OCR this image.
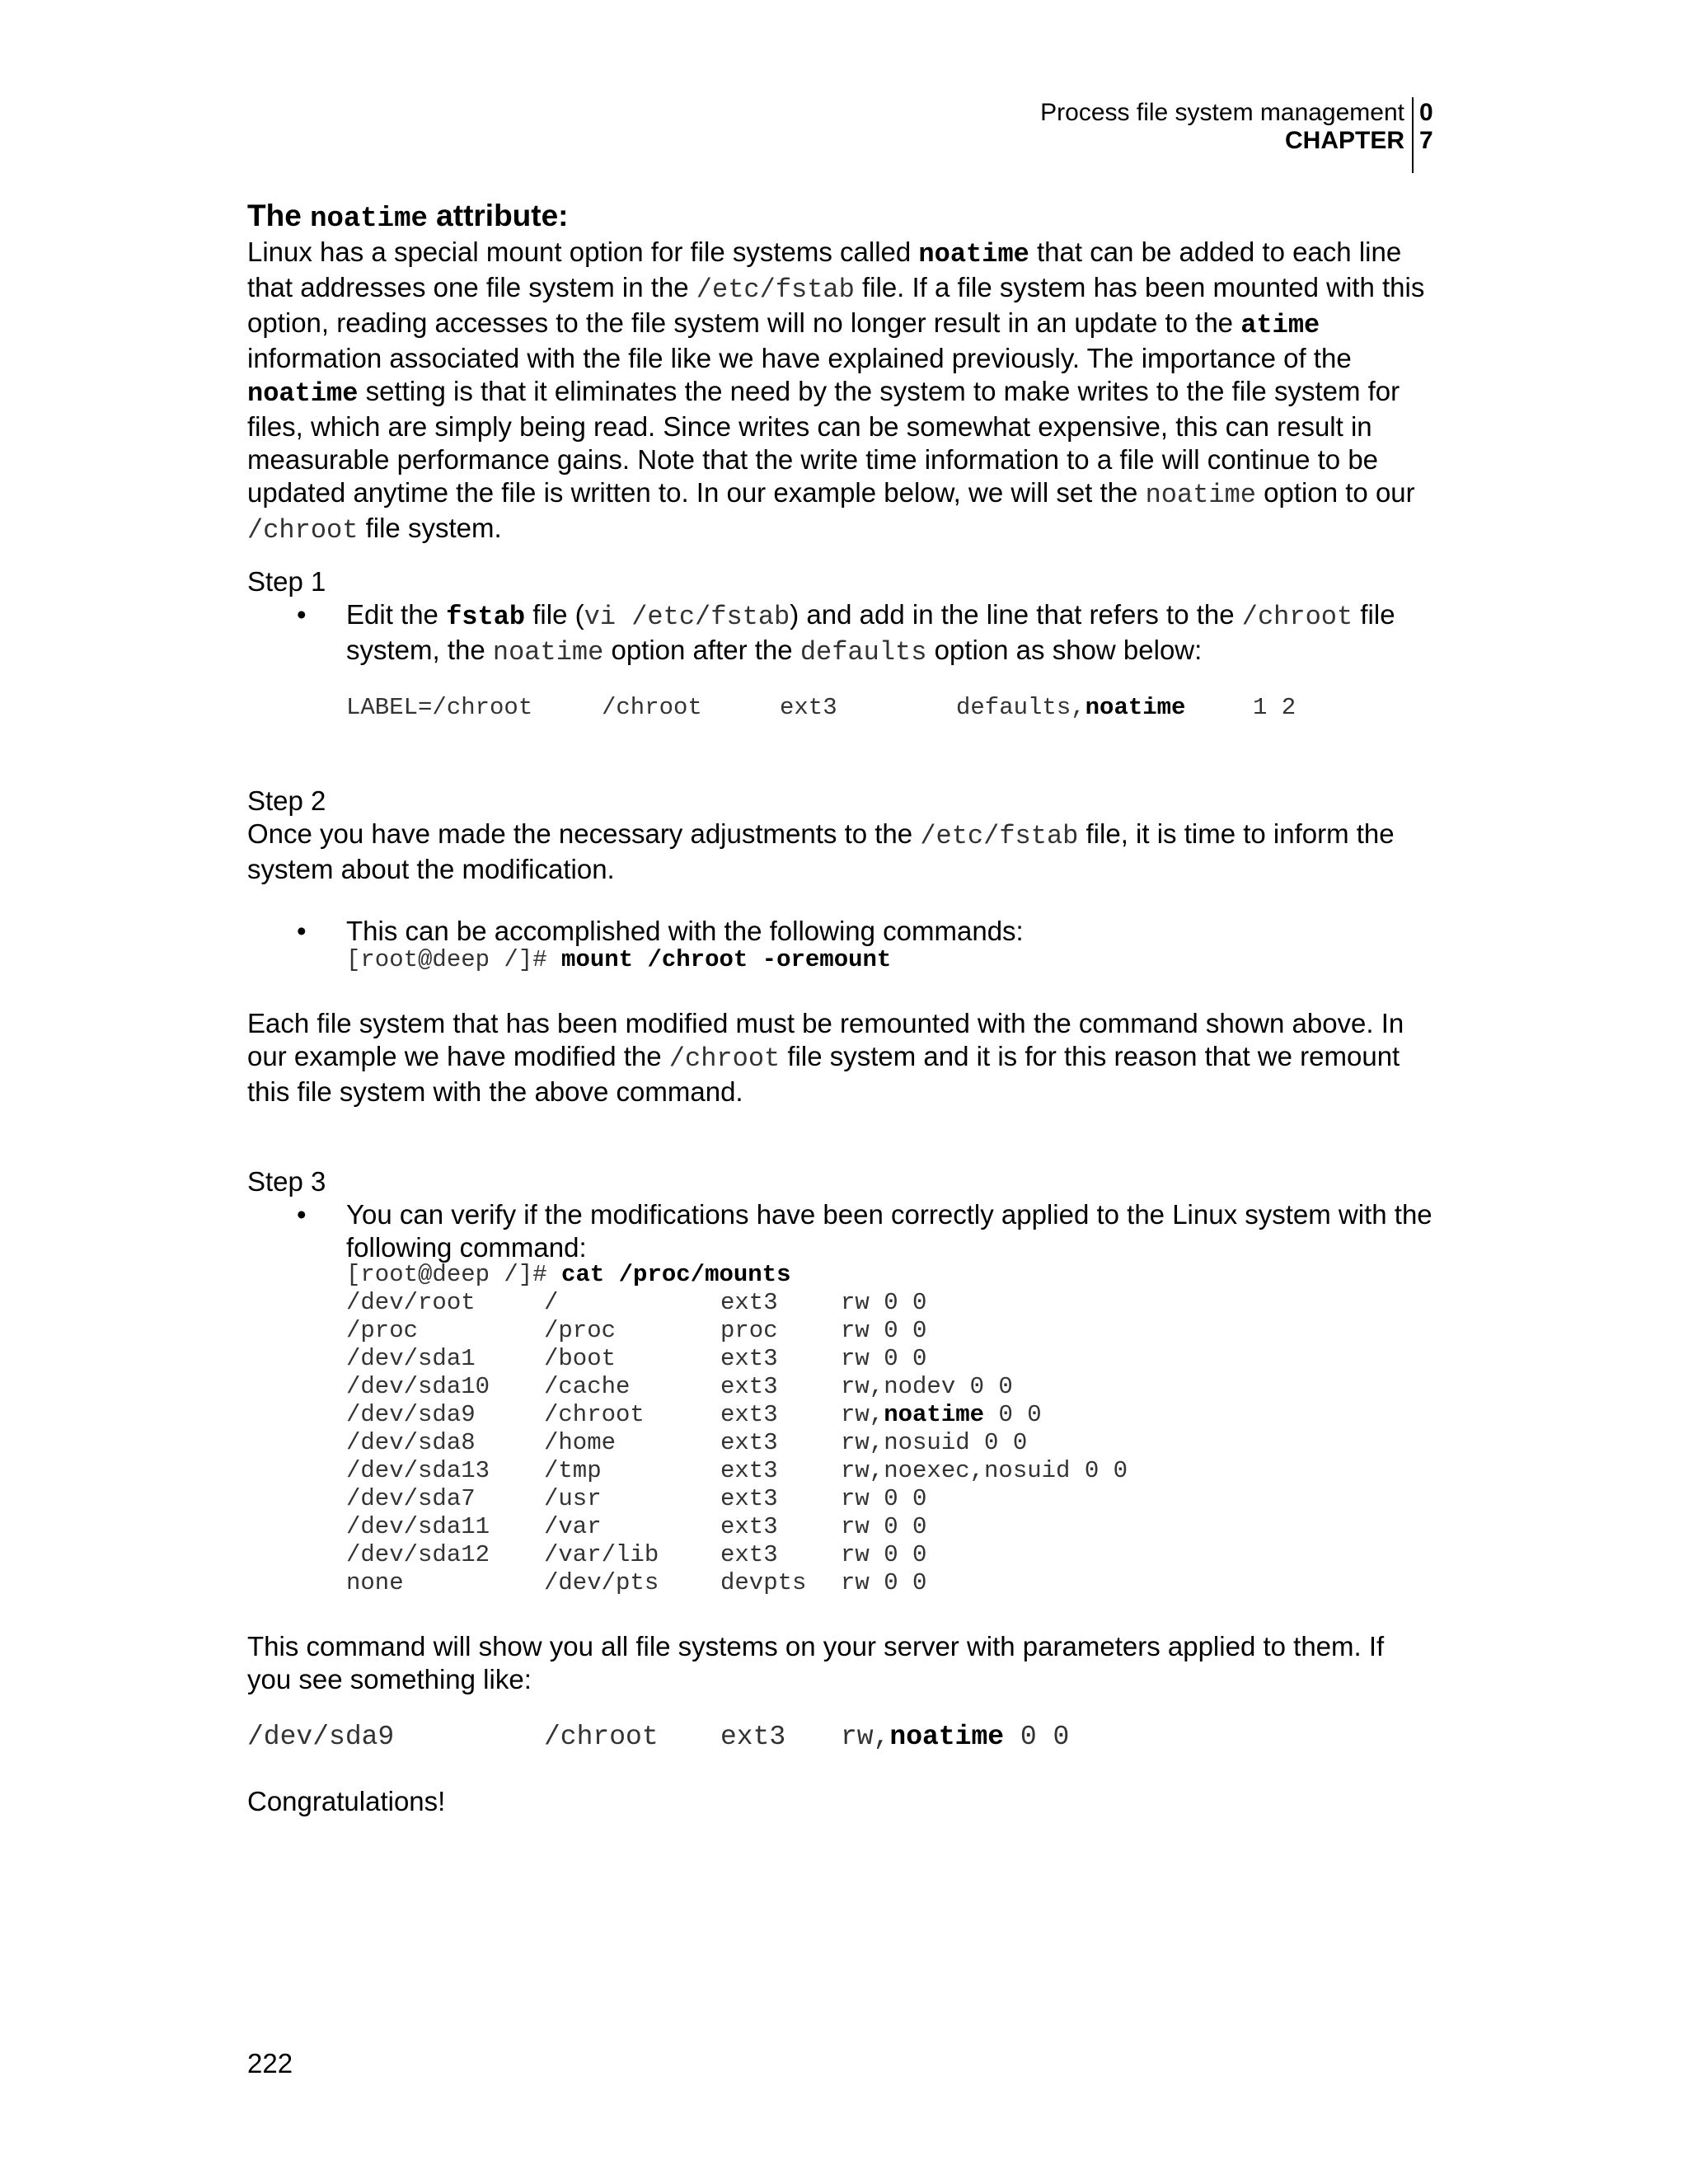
Process file system management
CHAPTER
0
7
The noatime attribute:
Linux has a special mount option for file systems called noatime that can be added to each line that addresses one file system in the /etc/fstab file. If a file system has been mounted with this option, reading accesses to the file system will no longer result in an update to the atime information associated with the file like we have explained previously. The importance of the noatime setting is that it eliminates the need by the system to make writes to the file system for files, which are simply being read. Since writes can be somewhat expensive, this can result in measurable performance gains. Note that the write time information to a file will continue to be updated anytime the file is written to. In our example below, we will set the noatime option to our /chroot file system.
Step 1
• Edit the fstab file (vi /etc/fstab) and add in the line that refers to the /chroot file system, the noatime option after the defaults option as show below:
LABEL=/chroot	/chroot	ext3	defaults,noatime	1 2
Step 2
Once you have made the necessary adjustments to the /etc/fstab file, it is time to inform the system about the modification.
• This can be accomplished with the following commands:
[root@deep /]# mount /chroot -oremount
Each file system that has been modified must be remounted with the command shown above. In our example we have modified the /chroot file system and it is for this reason that we remount this file system with the above command.
Step 3
• You can verify if the modifications have been correctly applied to the Linux system with the following command:
[root@deep /]# cat /proc/mounts
/dev/root	/	ext3	rw 0 0
/proc	/proc	proc	rw 0 0
/dev/sda1	/boot	ext3	rw 0 0
/dev/sda10 /cache	ext3	rw,nodev 0 0
/dev/sda9	/chroot	ext3	rw,noatime 0 0
/dev/sda8	/home	ext3	rw,nosuid 0 0
/dev/sda13 /tmp	ext3	rw,noexec,nosuid 0 0
/dev/sda7	/usr	ext3	rw 0 0
/dev/sda11 /var	ext3	rw 0 0
/dev/sda12 /var/lib	ext3	rw 0 0
none	/dev/pts	devpts rw 0 0
This command will show you all file systems on your server with parameters applied to them. If you see something like:
/dev/sda9	/chroot ext3 rw,noatime 0 0
Congratulations!
222
